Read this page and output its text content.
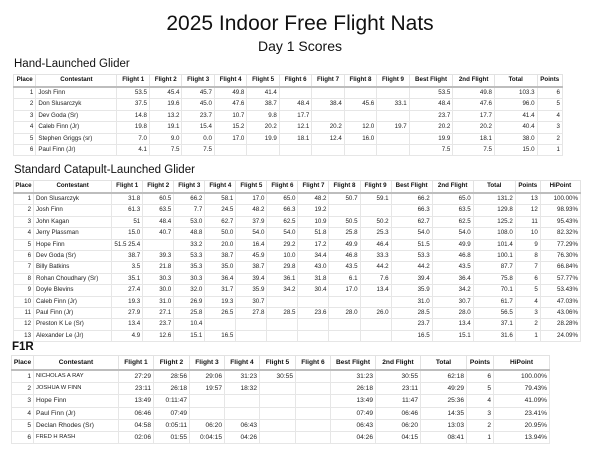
2025 Indoor Free Flight Nats
Day 1 Scores
Hand-Launched Glider
Place	Contestant	Flight 1	Flight 2	Flight 3	Flight 4	Flight 5	Flight 6	Flight 7	Flight 8	Flight 9	Best Flight	2nd Flight	Total	Points
1	Josh Finn	53.5	45.4	45.7	49.8	41.4					53.5	49.8	103.3	6
2	Don Slusarczyk	37.5	19.6	45.0	47.6	38.7	48.4	38.4	45.6	33.1	48.4	47.6	96.0	5
3	Dev Goda (Sr)	14.8	13.2	23.7	10.7	9.8	17.7				23.7	17.7	41.4	4
4	Caleb Finn (Jr)	19.8	19.1	15.4	15.2	20.2	12.1	20.2	12.0	19.7	20.2	20.2	40.4	3
5	Stephen Griggs (sr)	7.0	9.0	0.0	17.0	19.9	18.1	12.4	16.0		19.9	18.1	38.0	2
6	Paul Finn (Jr)	4.1	7.5	7.5							7.5	7.5	15.0	1
Standard Catapult-Launched Glider
Place	Contestant	Flight 1	Flight 2	Flight 3	Flight 4	Flight 5	Flight 6	Flight 7	Flight 8	Flight 9	Best Flight	2nd Flight	Total	Points	HiPoint
1	Don Slusarczyk	31.8	60.5	66.2	58.1	17.0	65.0	48.2	50.7	59.1	66.2	65.0	131.2	13	100.00%
2	Josh Finn	61.3	63.5	7.7	24.5	48.2	66.3	19.2			66.3	63.5	129.8	12	98.93%
3	John Kagan	51	48.4	53.0	62.7	37.9	62.5	10.9	50.5	50.2	62.7	62.5	125.2	11	95.43%
4	Jerry Plassman	15.0	40.7	48.8	50.0	54.0	54.0	51.8	25.8	25.3	54.0	54.0	108.0	10	82.32%
5	Hope Finn	51.5 25.4		33.2	20.0	16.4	29.2	17.2	49.9	46.4	51.5	49.9	101.4	9	77.29%
6	Dev Goda (Sr)	38.7	39.3	53.3	38.7	45.9	10.0	34.4	46.8	33.3	53.3	46.8	100.1	8	76.30%
7	Billy Batkins	3.5	21.8	35.3	35.0	38.7	29.8	43.0	43.5	44.2	44.2	43.5	87.7	7	66.84%
8	Rohan Choudhary (Sr)	35.1	30.3	30.3	36.4	39.4	36.1	31.8	6.1	7.6	39.4	36.4	75.8	6	57.77%
9	Doyle Blevins	27.4	30.0	32.0	31.7	35.9	34.2	30.4	17.0	13.4	35.9	34.2	70.1	5	53.43%
10	Caleb Finn (Jr)	19.3	31.0	26.9	19.3	30.7					31.0	30.7	61.7	4	47.03%
11	Paul Finn (Jr)	27.9	27.1	25.8	26.5	27.8	28.5	23.6	28.0	26.0	28.5	28.0	56.5	3	43.06%
12	Preston K Le (Sr)	13.4	23.7	10.4							23.7	13.4	37.1	2	28.28%
13	Alexander Le (Jr)	4.9	12.6	15.1	16.5						16.5	15.1	31.6	1	24.09%
F1R
Place	Contestant	Flight 1	Flight 2	Flight 3	Flight 4	Flight 5	Flight 6	Best Flight	2nd Flight	Total	Points	HiPoint
1	NICHOLAS A RAY	27:29	28:56	29:06	31:23	30:55		31:23	30:55	62:18	6	100.00%
2	JOSHUA W FINN	23:11	26:18	19:57	18:32			26:18	23:11	49:29	5	79.43%
3	Hope Finn	13:49	0:11:47					13:49	11:47	25:36	4	41.09%
4	Paul Finn (Jr)	06:46	07:49					07:49	06:46	14:35	3	23.41%
5	Declan Rhodes (Sr)	04:58	0:05:11	06:20	06:43			06:43	06:20	13:03	2	20.95%
6	FRED H RASH	02:06	01:55	0:04:15	04:26			04:26	04:15	08:41	1	13.94%
